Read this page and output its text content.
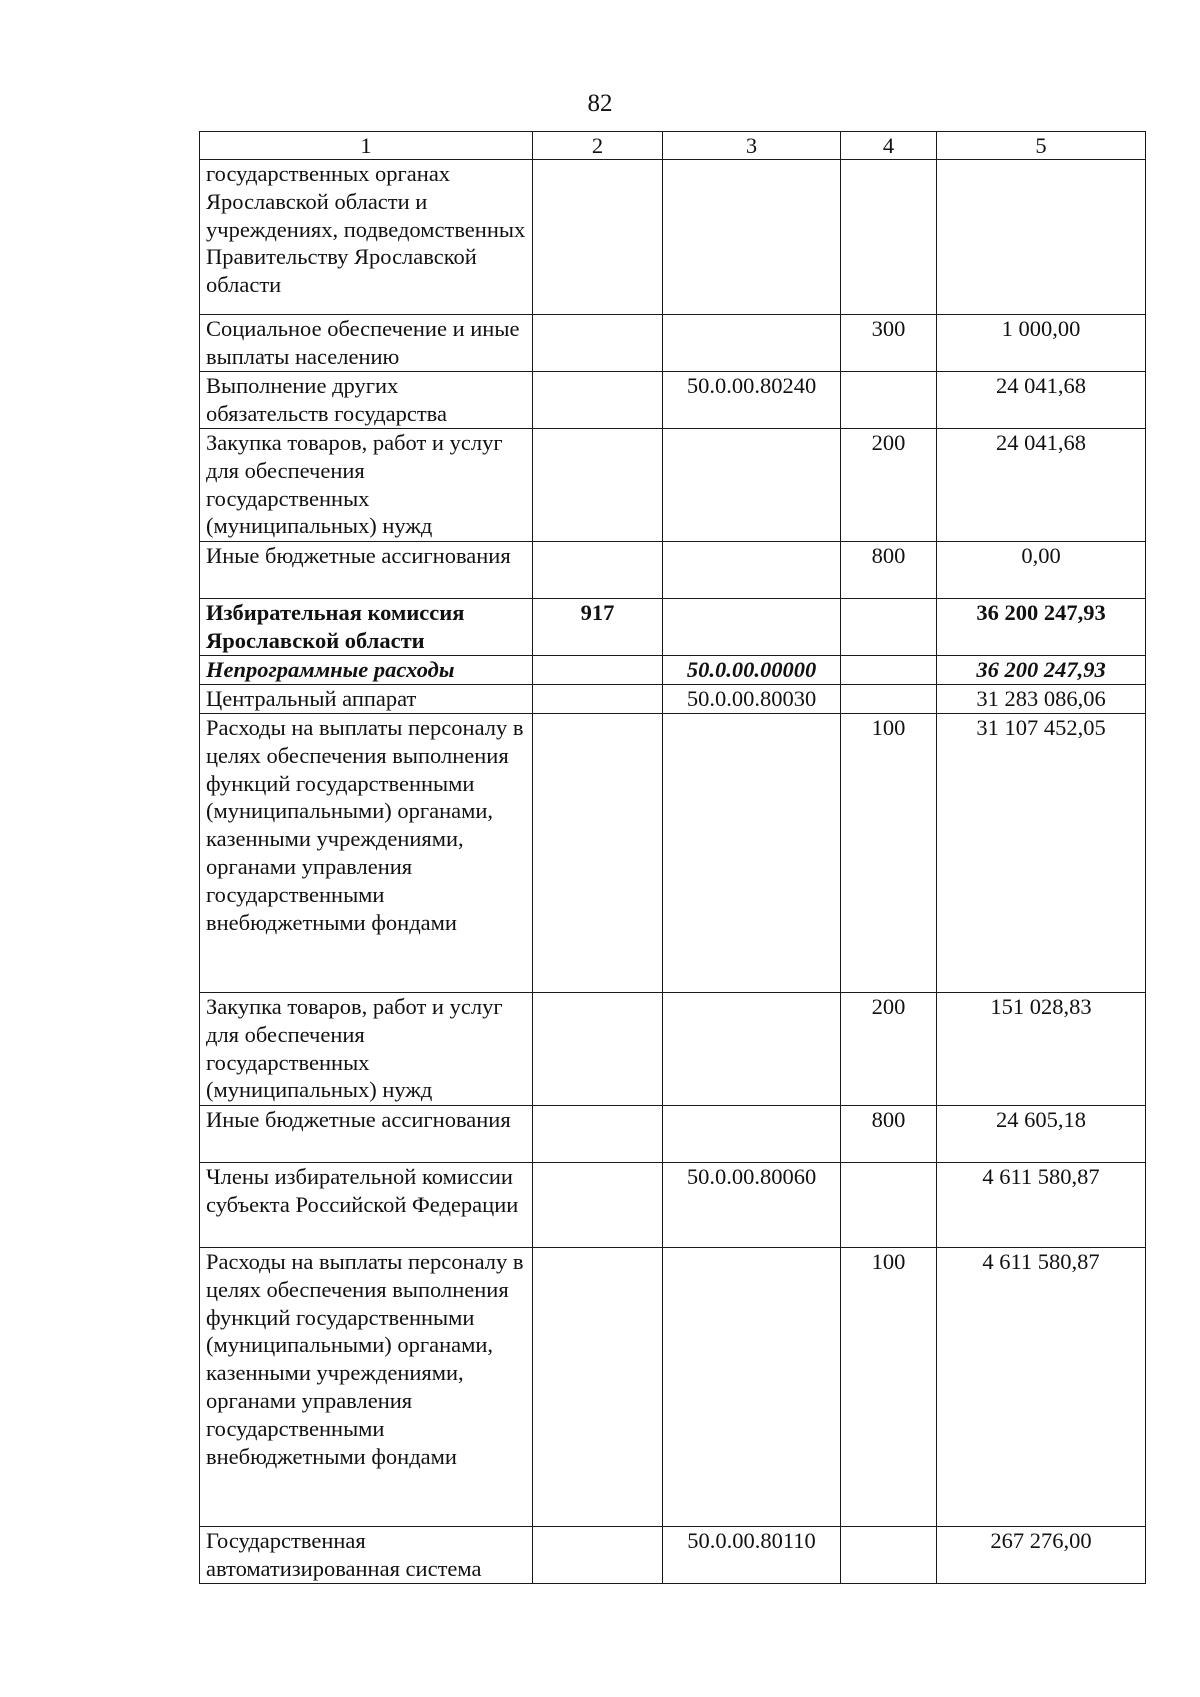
82
1	2	3	4	5
государственных органах Ярославской области и учреждениях, подведомственных Правительству Ярославской области				
Социальное обеспечение и иные выплаты населению			300	1 000,00
Выполнение других обязательств государства		50.0.00.80240		24 041,68
Закупка товаров, работ и услуг для обеспечения государственных (муниципальных) нужд			200	24 041,68
Иные бюджетные ассигнования			800	0,00
Избирательная комиссия Ярославской области	917			36 200 247,93
Непрограммные расходы		50.0.00.00000		36 200 247,93
Центральный аппарат		50.0.00.80030		31 283 086,06
Расходы на выплаты персоналу в целях обеспечения выполнения функций государственными (муниципальными) органами, казенными учреждениями, органами управления государственными внебюджетными фондами			100	31 107 452,05
Закупка товаров, работ и услуг для обеспечения государственных (муниципальных) нужд			200	151 028,83
Иные бюджетные ассигнования			800	24 605,18
Члены избирательной комиссии субъекта Российской Федерации		50.0.00.80060		4 611 580,87
Расходы на выплаты персоналу в целях обеспечения выполнения функций государственными (муниципальными) органами, казенными учреждениями, органами управления государственными внебюджетными фондами			100	4 611 580,87
Государственная автоматизированная система		50.0.00.80110		267 276,00
